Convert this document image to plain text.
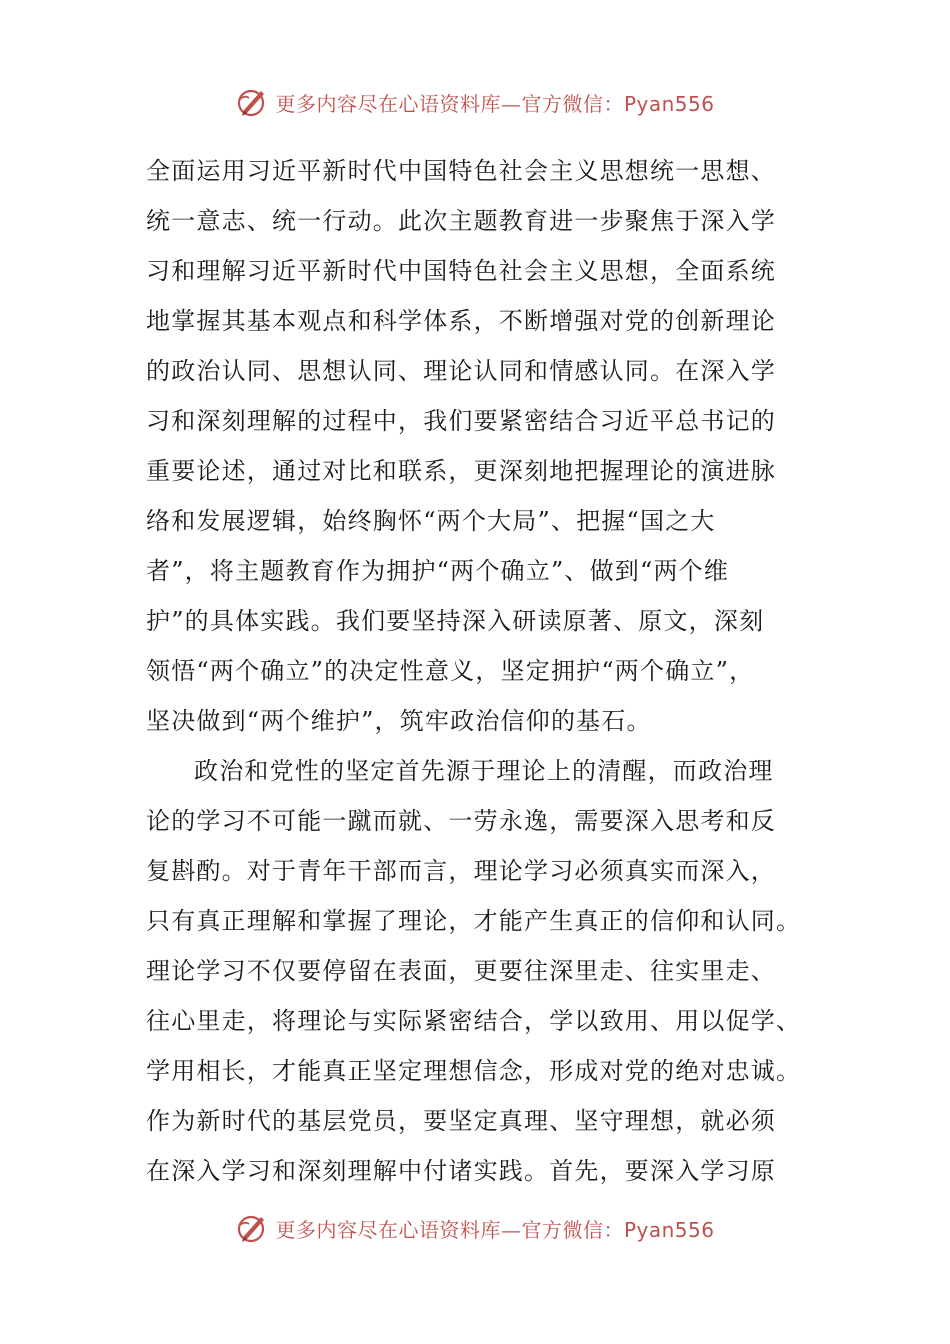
更多内容尽在心语资料库—官方微信：Pyan556
全面运用习近平新时代中国特色社会主义思想统一思想、
统一意志、统一行动。此次主题教育进一步聚焦于深入学
习和理解习近平新时代中国特色社会主义思想，全面系统
地掌握其基本观点和科学体系，不断增强对党的创新理论
的政治认同、思想认同、理论认同和情感认同。在深入学
习和深刻理解的过程中，我们要紧密结合习近平总书记的
重要论述，通过对比和联系，更深刻地把握理论的演进脉
络和发展逻辑，始终胸怀“两个大局”、把握“国之大
者”，将主题教育作为拥护“两个确立”、做到“两个维
护”的具体实践。我们要坚持深入研读原著、原文，深刻
领悟“两个确立”的决定性意义，坚定拥护“两个确立”，
坚决做到“两个维护”，筑牢政治信仰的基石。
政治和党性的坚定首先源于理论上的清醒，而政治理
论的学习不可能一蹴而就、一劳永逸，需要深入思考和反
复斟酌。对于青年干部而言，理论学习必须真实而深入，
只有真正理解和掌握了理论，才能产生真正的信仰和认同。
理论学习不仅要停留在表面，更要往深里走、往实里走、
往心里走，将理论与实际紧密结合，学以致用、用以促学、
学用相长，才能真正坚定理想信念，形成对党的绝对忠诚。
作为新时代的基层党员，要坚定真理、坚守理想，就必须
在深入学习和深刻理解中付诸实践。首先，要深入学习原
更多内容尽在心语资料库—官方微信：Pyan556
